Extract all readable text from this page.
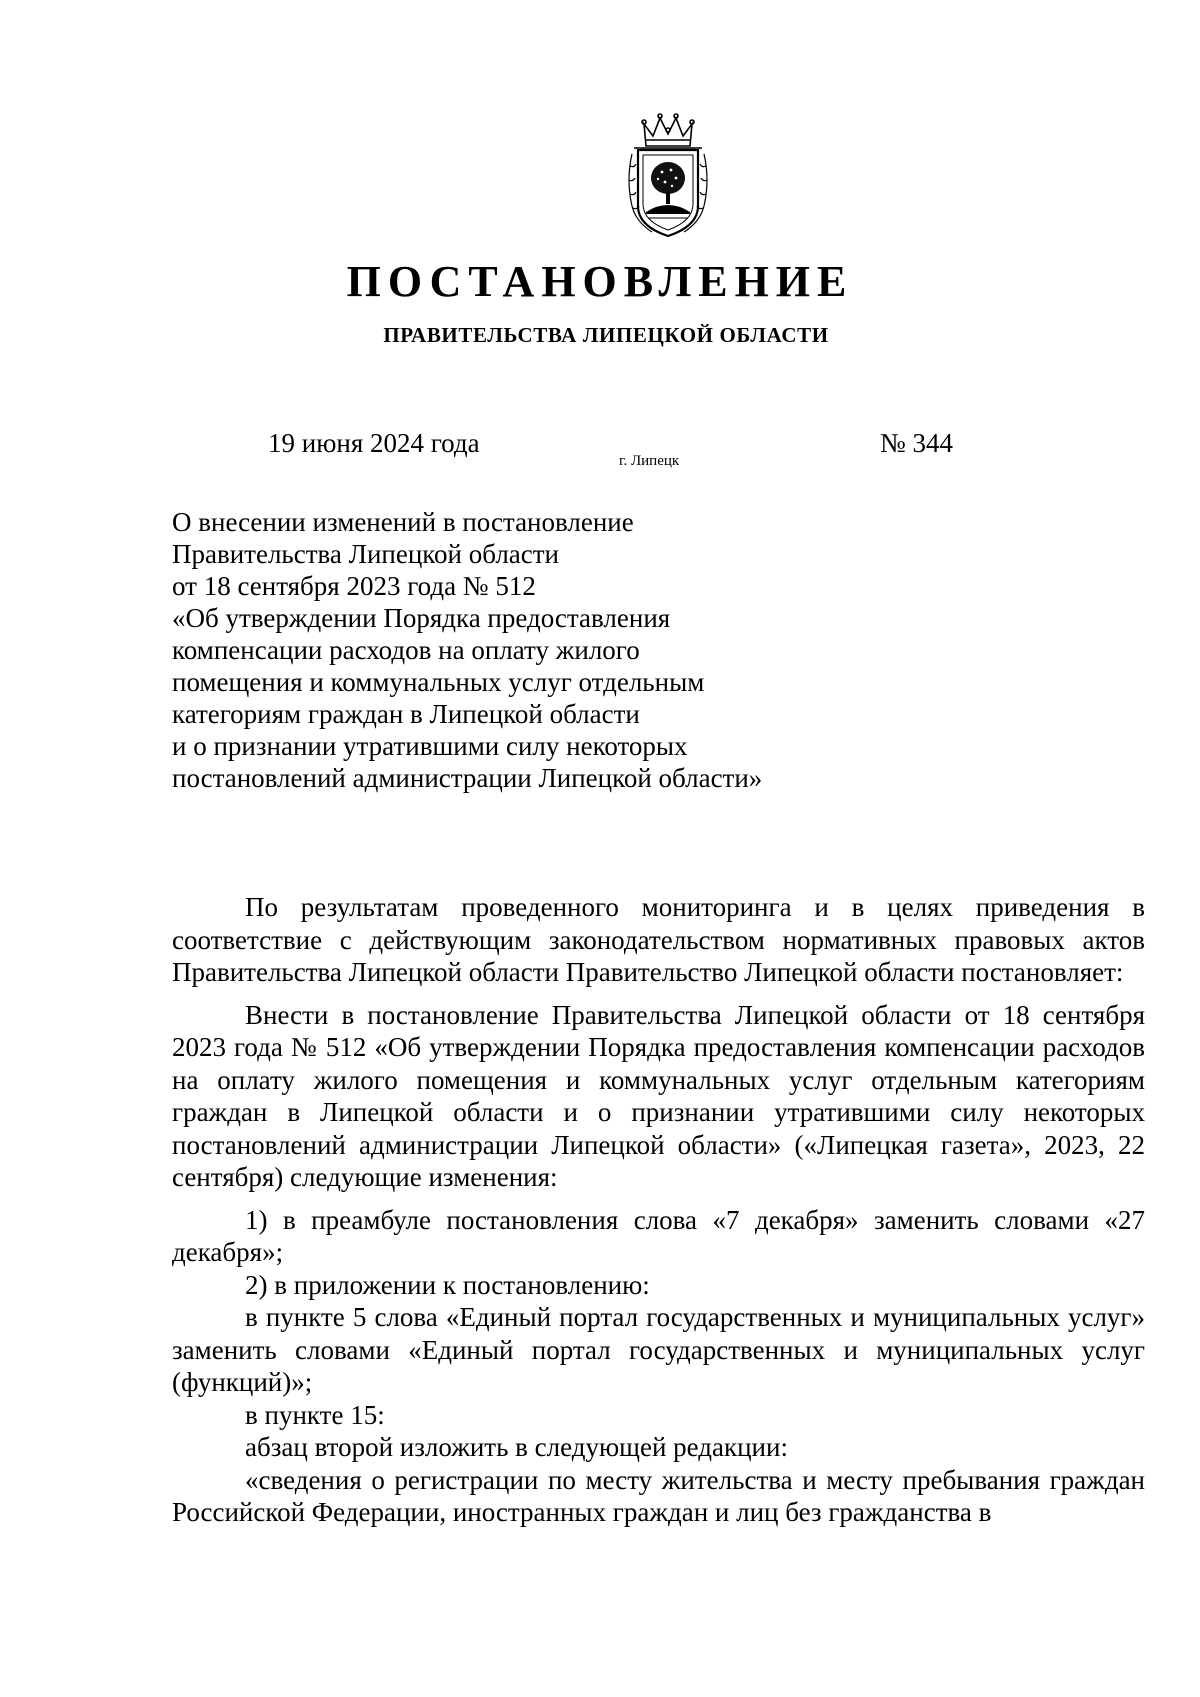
ПОСТАНОВЛЕНИЕ
ПРАВИТЕЛЬСТВА ЛИПЕЦКОЙ ОБЛАСТИ
19 июня 2024 года
г. Липецк
№ 344
О внесении изменений в постановление
Правительства Липецкой области
от 18 сентября 2023 года № 512
«Об утверждении Порядка предоставления
компенсации расходов на оплату жилого
помещения и коммунальных услуг отдельным
категориям граждан в Липецкой области
и о признании утратившими силу некоторых
постановлений администрации Липецкой области»

По результатам проведенного мониторинга и в целях приведения в соответствие с действующим законодательством нормативных правовых актов Правительства Липецкой области Правительство Липецкой области постановляет:

Внести в постановление Правительства Липецкой области от 18 сентября 2023 года № 512 «Об утверждении Порядка предоставления компенсации расходов на оплату жилого помещения и коммунальных услуг отдельным категориям граждан в Липецкой области и о признании утратившими силу некоторых постановлений администрации Липецкой области» («Липецкая газета», 2023, 22 сентября) следующие изменения:

1) в преамбуле постановления слова «7 декабря» заменить словами «27 декабря»;

2) в приложении к постановлению:

в пункте 5 слова «Единый портал государственных и муниципальных услуг» заменить словами «Единый портал государственных и муниципальных услуг (функций)»;

в пункте 15:

абзац второй изложить в следующей редакции:

«сведения о регистрации по месту жительства и месту пребывания граждан Российской Федерации, иностранных граждан и лиц без гражданства в
